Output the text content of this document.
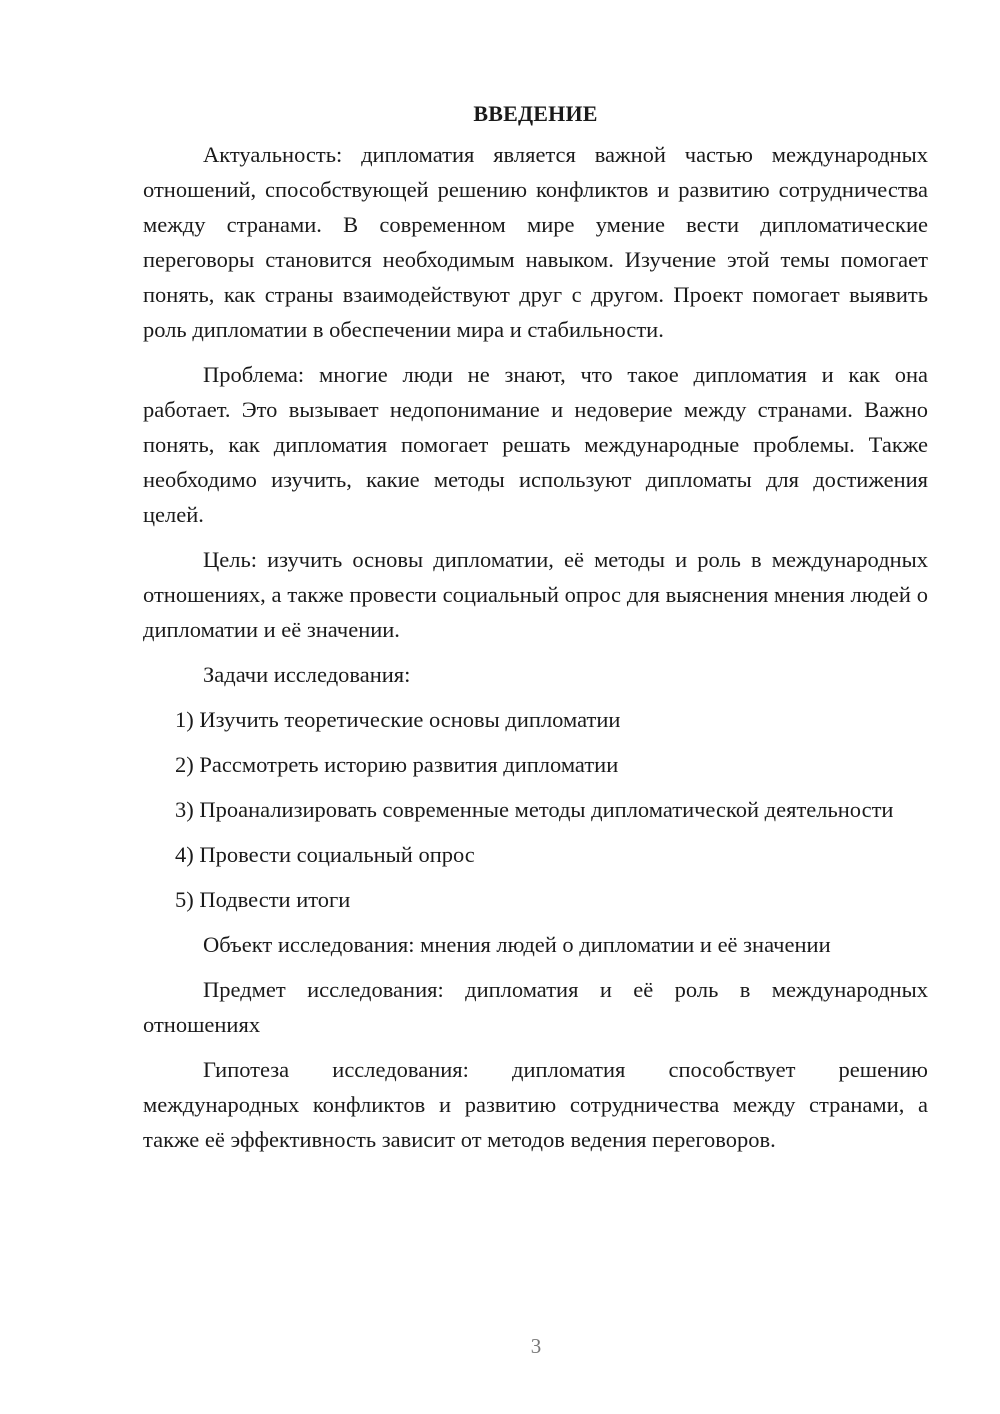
ВВЕДЕНИЕ

Актуальность: дипломатия является важной частью международных отношений, способствующей решению конфликтов и развитию сотрудничества между странами. В современном мире умение вести дипломатические переговоры становится необходимым навыком. Изучение этой темы помогает понять, как страны взаимодействуют друг с другом. Проект помогает выявить роль дипломатии в обеспечении мира и стабильности.

Проблема: многие люди не знают, что такое дипломатия и как она работает. Это вызывает недопонимание и недоверие между странами. Важно понять, как дипломатия помогает решать международные проблемы. Также необходимо изучить, какие методы используют дипломаты для достижения целей.

Цель: изучить основы дипломатии, её методы и роль в международных отношениях, а также провести социальный опрос для выяснения мнения людей о дипломатии и её значении.

Задачи исследования:

1) Изучить теоретические основы дипломатии

2) Рассмотреть историю развития дипломатии

3) Проанализировать современные методы дипломатической деятельности

4) Провести социальный опрос

5) Подвести итоги

Объект исследования: мнения людей о дипломатии и её значении

Предмет исследования: дипломатия и её роль в международных отношениях

Гипотеза исследования: дипломатия способствует решению международных конфликтов и развитию сотрудничества между странами, а также её эффективность зависит от методов ведения переговоров.

3
